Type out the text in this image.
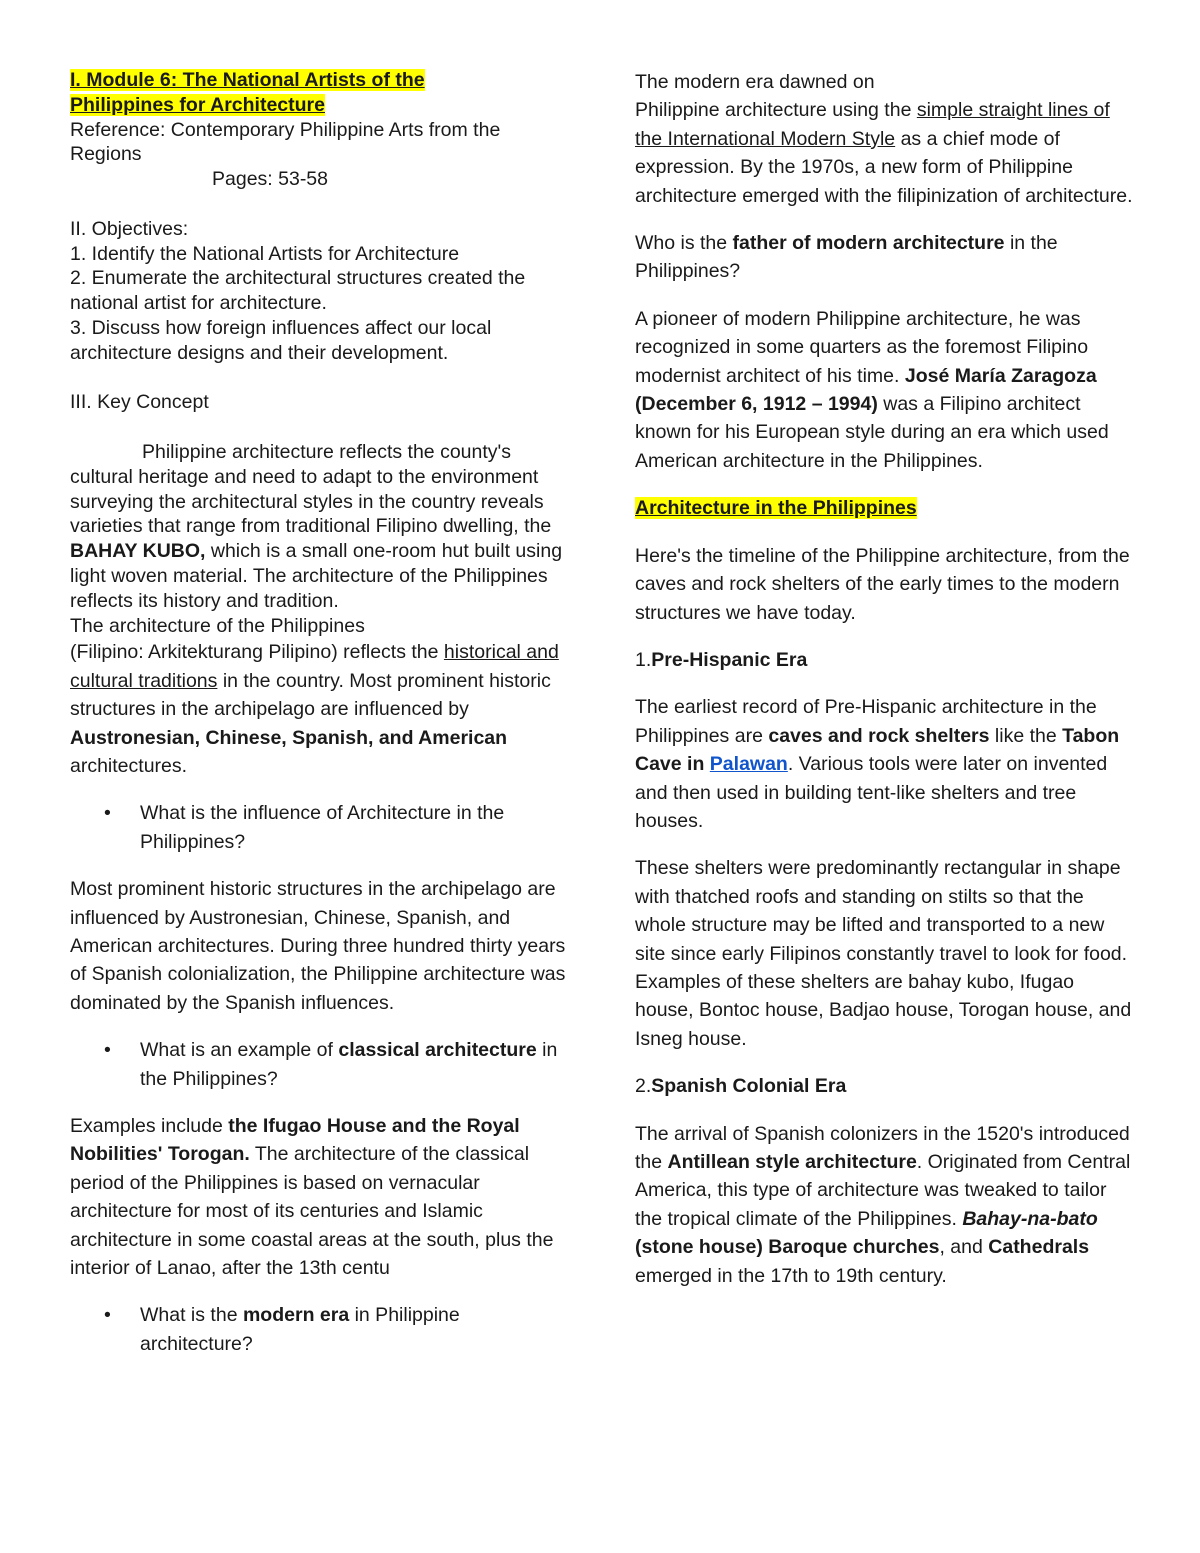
I. Module 6: The National Artists of the
Philippines for Architecture

Reference: Contemporary Philippine Arts from the Regions

Pages: 53-58

II. Objectives:

1. Identify the National Artists for Architecture

2. Enumerate the architectural structures created the national artist for architecture.

3. Discuss how foreign influences affect our local architecture designs and their development.

III. Key Concept

Philippine architecture reflects the county's cultural heritage and need to adapt to the environment surveying the architectural styles in the country reveals varieties that range from traditional Filipino dwelling, the BAHAY KUBO, which is a small one-room hut built using light woven material. The architecture of the Philippines reflects its history and tradition.

The architecture of the Philippines

(Filipino: Arkitekturang Pilipino) reflects the historical and cultural traditions in the country. Most prominent historic structures in the archipelago are influenced by Austronesian, Chinese, Spanish, and American architectures.

• What is the influence of Architecture in the Philippines?

Most prominent historic structures in the archipelago are influenced by Austronesian, Chinese, Spanish, and American architectures. During three hundred thirty years of Spanish colonialization, the Philippine architecture was dominated by the Spanish influences.

• What is an example of classical architecture in the Philippines?

Examples include the Ifugao House and the Royal Nobilities' Torogan. The architecture of the classical period of the Philippines is based on vernacular architecture for most of its centuries and Islamic architecture in some coastal areas at the south, plus the interior of Lanao, after the 13th centu

• What is the modern era in Philippine architecture?

The modern era dawned on

Philippine architecture using the simple straight lines of the International Modern Style as a chief mode of expression. By the 1970s, a new form of Philippine architecture emerged with the filipinization of architecture.

Who is the father of modern architecture in the Philippines?

A pioneer of modern Philippine architecture, he was recognized in some quarters as the foremost Filipino modernist architect of his time. José María Zaragoza (December 6, 1912 – 1994) was a Filipino architect known for his European style during an era which used American architecture in the Philippines.

Architecture in the Philippines

Here's the timeline of the Philippine architecture, from the caves and rock shelters of the early times to the modern structures we have today.

1.Pre-Hispanic Era

The earliest record of Pre-Hispanic architecture in the Philippines are caves and rock shelters like the Tabon Cave in Palawan. Various tools were later on invented and then used in building tent-like shelters and tree houses.

These shelters were predominantly rectangular in shape with thatched roofs and standing on stilts so that the whole structure may be lifted and transported to a new site since early Filipinos constantly travel to look for food. Examples of these shelters are bahay kubo, Ifugao house, Bontoc house, Badjao house, Torogan house, and Isneg house.

2.Spanish Colonial Era

The arrival of Spanish colonizers in the 1520's introduced the Antillean style architecture. Originated from Central America, this type of architecture was tweaked to tailor the tropical climate of the Philippines. Bahay-na-bato (stone house) Baroque churches, and Cathedrals emerged in the 17th to 19th century.
